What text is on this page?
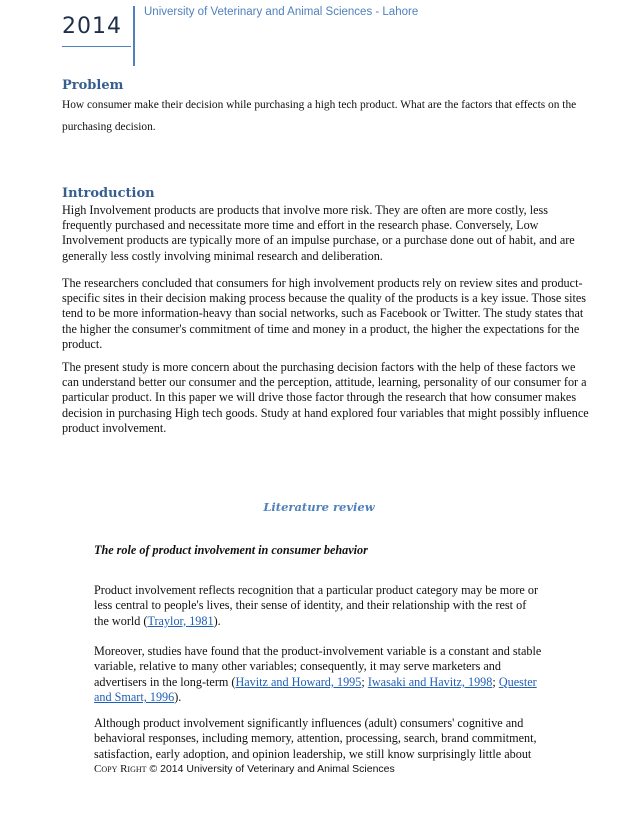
2014
University of Veterinary and Animal Sciences - Lahore
Problem
How consumer make their decision while purchasing a high tech product. What are the factors that effects on the purchasing decision.
Introduction
High Involvement products are products that involve more risk. They are often are more costly, less frequently purchased and necessitate more time and effort in the research phase. Conversely, Low Involvement products are typically more of an impulse purchase, or a purchase done out of habit, and are generally less costly involving minimal research and deliberation.
The researchers concluded that consumers for high involvement products rely on review sites and product-specific sites in their decision making process because the quality of the products is a key issue. Those sites tend to be more information-heavy than social networks, such as Facebook or Twitter. The study states that the higher the consumer's commitment of time and money in a product, the higher the expectations for the product.
The present study is more concern about the purchasing decision factors with the help of these factors we can understand better our consumer and the perception, attitude, learning, personality of our consumer for a particular product. In this paper we will drive those factor through the research that how consumer makes decision in purchasing High tech goods. Study at hand explored four variables that might possibly influence product involvement.
Literature review
The role of product involvement in consumer behavior
Product involvement reflects recognition that a particular product category may be more or less central to people's lives, their sense of identity, and their relationship with the rest of the world (Traylor, 1981).
Moreover, studies have found that the product-involvement variable is a constant and stable variable, relative to many other variables; consequently, it may serve marketers and advertisers in the long-term (Havitz and Howard, 1995; Iwasaki and Havitz, 1998; Quester and Smart, 1996).
Although product involvement significantly influences (adult) consumers' cognitive and behavioral responses, including memory, attention, processing, search, brand commitment, satisfaction, early adoption, and opinion leadership, we still know surprisingly little about
Copy Right © 2014 University of Veterinary and Animal Sciences
